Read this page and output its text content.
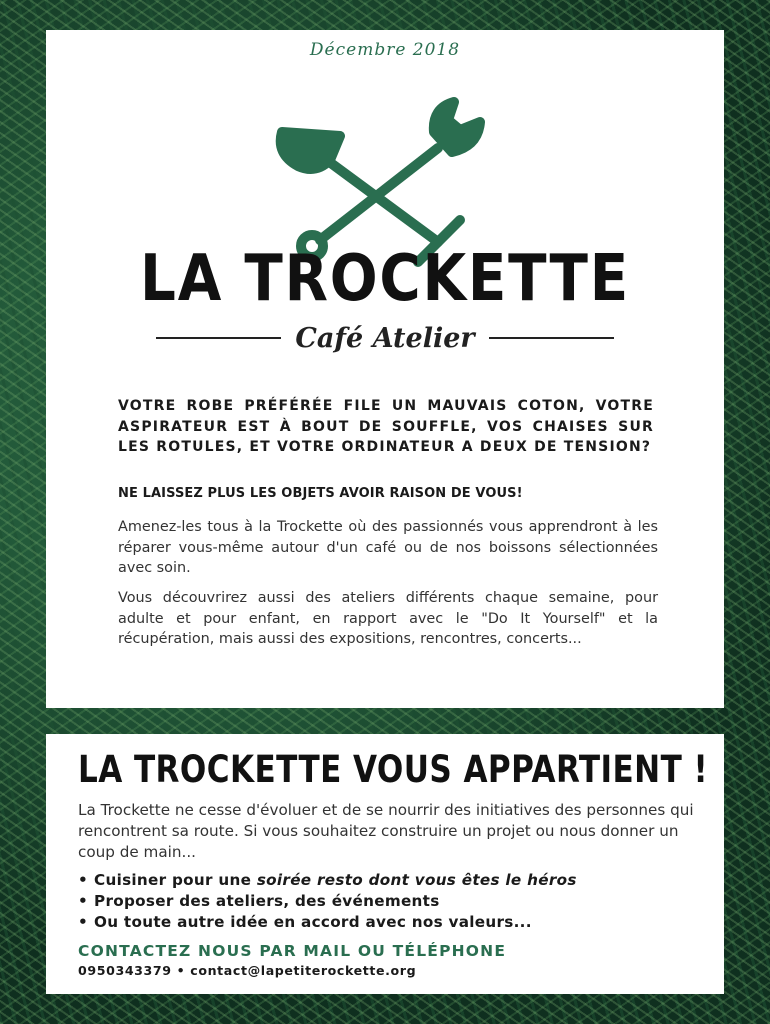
Décembre 2018
LA TROCKETTE
Café Atelier
VOTRE ROBE PRÉFÉRÉE FILE UN MAUVAIS COTON, VOTRE ASPIRATEUR EST À BOUT DE SOUFFLE, VOS CHAISES SUR LES ROTULES, ET VOTRE ORDINATEUR A DEUX DE TENSION?
NE LAISSEZ PLUS LES OBJETS AVOIR RAISON DE VOUS!
Amenez-les tous à la Trockette où des passionnés vous apprendront à les réparer vous-même autour d'un café ou de nos boissons sélectionnées avec soin.
Vous découvrirez aussi des ateliers différents chaque semaine, pour adulte et pour enfant, en rapport avec le "Do It Yourself" et la récupération, mais aussi des expositions, rencontres, concerts...
LA TROCKETTE VOUS APPARTIENT !
La Trockette ne cesse d'évoluer et de se nourrir des initiatives des personnes qui rencontrent sa route. Si vous souhaitez construire un projet ou nous donner un coup de main...
• Cuisiner pour une soirée resto dont vous êtes le héros
• Proposer des ateliers, des événements
• Ou toute autre idée en accord avec nos valeurs...
CONTACTEZ NOUS PAR MAIL OU TÉLÉPHONE
0950343379 • contact@lapetiterockette.org
